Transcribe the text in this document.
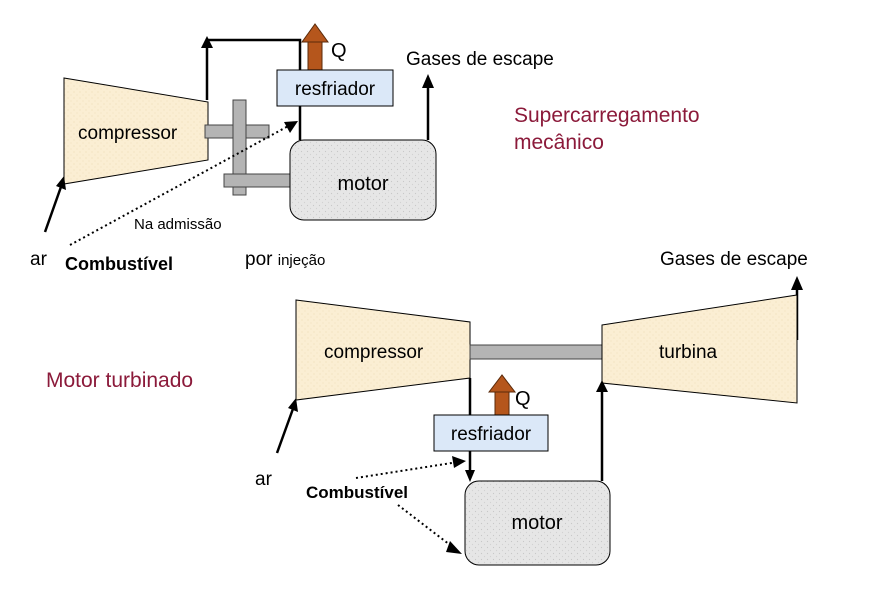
Q
resfriador
Gases de escape
compressor
motor
Na admissão
ar Combustível	por injeção
Supercarregamento
mecânico
Gases de escape
compressor	turbina
Motor turbinado
Q
resfriador
motor
ar
Combustível
